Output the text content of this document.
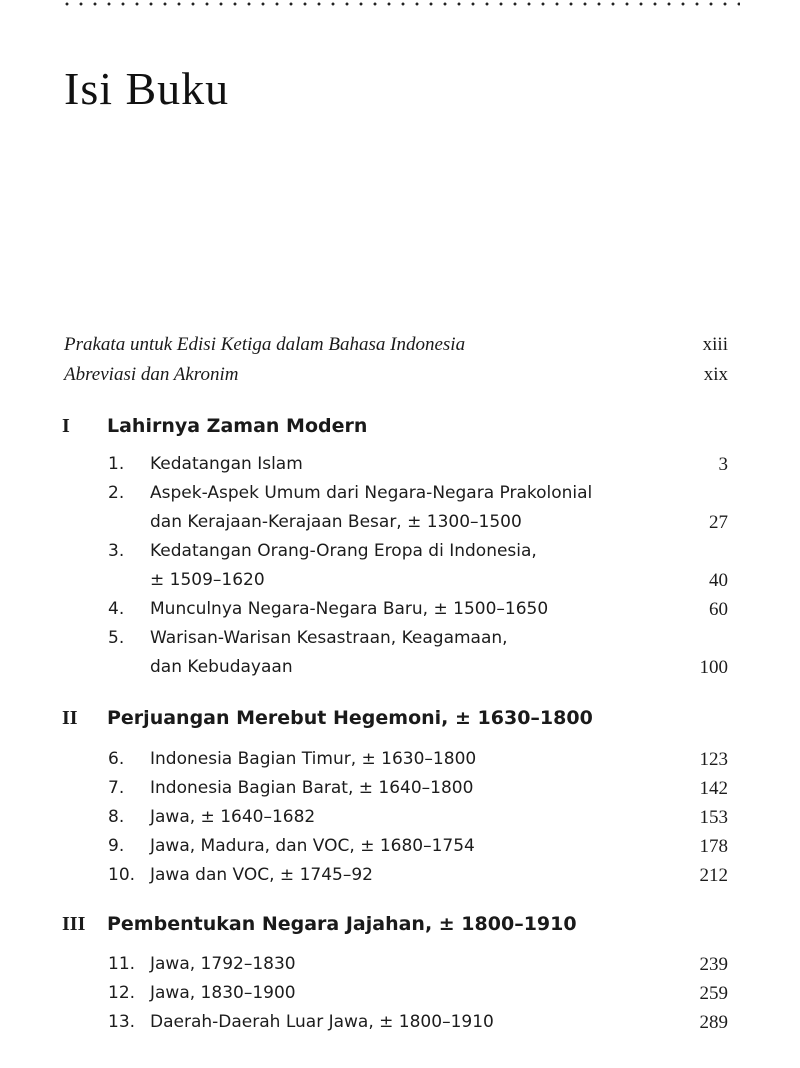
Isi Buku
Prakata untuk Edisi Ketiga dalam Bahasa Indonesia	xiii
Abreviasi dan Akronim	xix
I Lahirnya Zaman Modern
1. Kedatangan Islam	3
2. Aspek-Aspek Umum dari Negara-Negara Prakolonial
dan Kerajaan-Kerajaan Besar, ± 1300–1500	27
3. Kedatangan Orang-Orang Eropa di Indonesia,
± 1509–1620	40
4. Munculnya Negara-Negara Baru, ± 1500–1650	60
5. Warisan-Warisan Kesastraan, Keagamaan,
dan Kebudayaan	100
II Perjuangan Merebut Hegemoni, ± 1630–1800
6. Indonesia Bagian Timur, ± 1630–1800	123
7. Indonesia Bagian Barat, ± 1640–1800	142
8. Jawa, ± 1640–1682	153
9. Jawa, Madura, dan VOC, ± 1680–1754	178
10. Jawa dan VOC, ± 1745–92	212
III Pembentukan Negara Jajahan, ± 1800–1910
11. Jawa, 1792–1830	239
12. Jawa, 1830–1900	259
13. Daerah-Daerah Luar Jawa, ± 1800–1910	289
